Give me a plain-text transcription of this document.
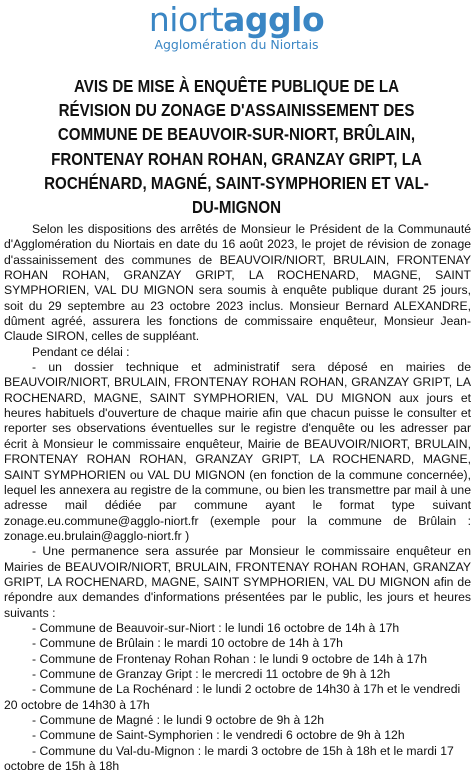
niortagglo
Agglomération du Niortais
AVIS DE MISE À ENQUÊTE PUBLIQUE DE LA RÉVISION DU ZONAGE D'ASSAINISSEMENT DES COMMUNE DE BEAUVOIR-SUR-NIORT, BRÛLAIN, FRONTENAY ROHAN ROHAN, GRANZAY GRIPT, LA ROCHÉNARD, MAGNÉ, SAINT-SYMPHORIEN ET VAL-DU-MIGNON

Selon les dispositions des arrêtés de Monsieur le Président de la Communauté d'Agglomération du Niortais en date du 16 août 2023, le projet de révision de zonage d'assainissement des communes de BEAUVOIR/NIORT, BRULAIN, FRONTENAY ROHAN ROHAN, GRANZAY GRIPT, LA ROCHENARD, MAGNE, SAINT SYMPHORIEN, VAL DU MIGNON sera soumis à enquête publique durant 25 jours, soit du 29 septembre au 23 octobre 2023 inclus. Monsieur Bernard ALEXANDRE, dûment agréé, assurera les fonctions de commissaire enquêteur, Monsieur Jean-Claude SIRON, celles de suppléant.

Pendant ce délai :

- un dossier technique et administratif sera déposé en mairies de BEAUVOIR/NIORT, BRULAIN, FRONTENAY ROHAN ROHAN, GRANZAY GRIPT, LA ROCHENARD, MAGNE, SAINT SYMPHORIEN, VAL DU MIGNON aux jours et heures habituels d'ouverture de chaque mairie afin que chacun puisse le consulter et reporter ses observations éventuelles sur le registre d'enquête ou les adresser par écrit à Monsieur le commissaire enquêteur, Mairie de BEAUVOIR/NIORT, BRULAIN, FRONTENAY ROHAN ROHAN, GRANZAY GRIPT, LA ROCHENARD, MAGNE, SAINT SYMPHORIEN ou VAL DU MIGNON (en fonction de la commune concernée), lequel les annexera au registre de la commune, ou bien les transmettre par mail à une adresse mail dédiée par commune ayant le format type suivant zonage.eu.commune@agglo-niort.fr (exemple pour la commune de Brûlain : zonage.eu.brulain@agglo-niort.fr )

- Une permanence sera assurée par Monsieur le commissaire enquêteur en Mairies de BEAUVOIR/NIORT, BRULAIN, FRONTENAY ROHAN ROHAN, GRANZAY GRIPT, LA ROCHENARD, MAGNE, SAINT SYMPHORIEN, VAL DU MIGNON afin de répondre aux demandes d'informations présentées par le public, les jours et heures suivants :

- Commune de Beauvoir-sur-Niort : le lundi 16 octobre de 14h à 17h
- Commune de Brûlain : le mardi 10 octobre de 14h à 17h
- Commune de Frontenay Rohan Rohan : le lundi 9 octobre de 14h à 17h
- Commune de Granzay Gript : le mercredi 11 octobre de 9h à 12h
- Commune de La Rochénard : le lundi 2 octobre de 14h30 à 17h et le vendredi 20 octobre de 14h30 à 17h
- Commune de Magné : le lundi 9 octobre de 9h à 12h
- Commune de Saint-Symphorien : le vendredi 6 octobre de 9h à 12h
- Commune du Val-du-Mignon : le mardi 3 octobre de 15h à 18h et le mardi 17 octobre de 15h à 18h
